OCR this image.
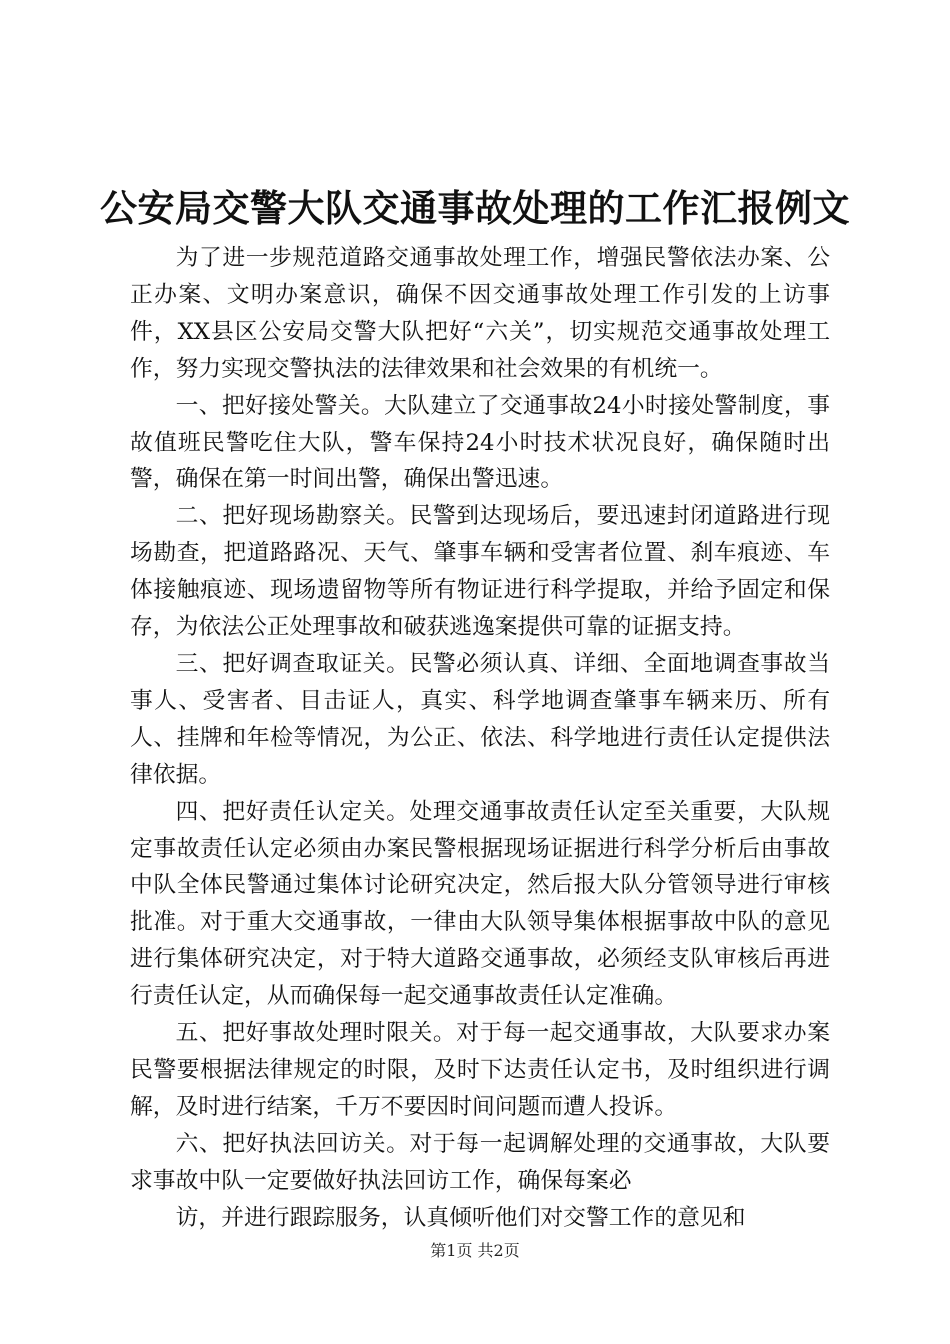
公安局交警大队交通事故处理的工作汇报例文

为了进一步规范道路交通事故处理工作，增强民警依法办案、公正办案、文明办案意识，确保不因交通事故处理工作引发的上访事件，XX县区公安局交警大队把好“六关”，切实规范交通事故处理工作，努力实现交警执法的法律效果和社会效果的有机统一。

一、把好接处警关。大队建立了交通事故24小时接处警制度，事故值班民警吃住大队，警车保持24小时技术状况良好，确保随时出警，确保在第一时间出警，确保出警迅速。

二、把好现场勘察关。民警到达现场后，要迅速封闭道路进行现场勘查，把道路路况、天气、肇事车辆和受害者位置、刹车痕迹、车体接触痕迹、现场遗留物等所有物证进行科学提取，并给予固定和保存，为依法公正处理事故和破获逃逸案提供可靠的证据支持。

三、把好调查取证关。民警必须认真、详细、全面地调查事故当事人、受害者、目击证人，真实、科学地调查肇事车辆来历、所有人、挂牌和年检等情况，为公正、依法、科学地进行责任认定提供法律依据。

四、把好责任认定关。处理交通事故责任认定至关重要，大队规定事故责任认定必须由办案民警根据现场证据进行科学分析后由事故中队全体民警通过集体讨论研究决定，然后报大队分管领导进行审核批准。对于重大交通事故，一律由大队领导集体根据事故中队的意见进行集体研究决定，对于特大道路交通事故，必须经支队审核后再进行责任认定，从而确保每一起交通事故责任认定准确。

五、把好事故处理时限关。对于每一起交通事故，大队要求办案民警要根据法律规定的时限，及时下达责任认定书，及时组织进行调解，及时进行结案，千万不要因时间问题而遭人投诉。

六、把好执法回访关。对于每一起调解处理的交通事故，大队要求事故中队一定要做好执法回访工作，确保每案必

访，并进行跟踪服务，认真倾听他们对交警工作的意见和

第1页 共2页
